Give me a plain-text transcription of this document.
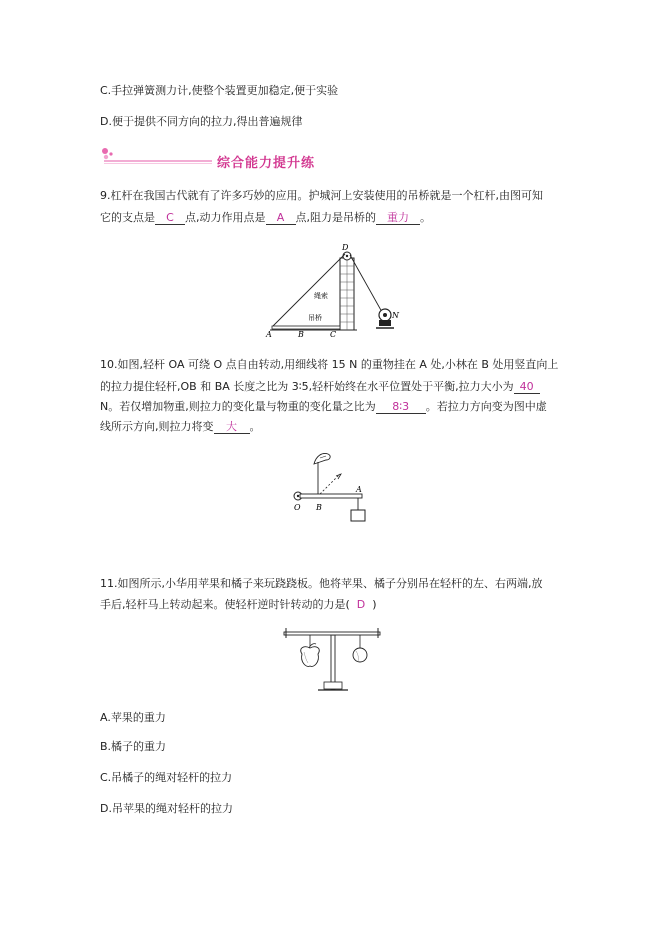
C.手拉弹簧测力计,使整个装置更加稳定,便于实验
D.便于提供不同方向的拉力,得出普遍规律
综合能力提升练
9.杠杆在我国古代就有了许多巧妙的应用。护城河上安装使用的吊桥就是一个杠杆,由图可知
它的支点是 C 点,动力作用点是 A 点,阻力是吊桥的 重力 。
D
A	B	C
N
绳索
吊桥
10.如图,轻杆 OA 可绕 O 点自由转动,用细线将 15 N 的重物挂在 A 处,小林在 B 处用竖直向上
的拉力提住轻杆,OB 和 BA 长度之比为 3∶5,轻杆始终在水平位置处于平衡,拉力大小为 40
N。若仅增加物重,则拉力的变化量与物重的变化量之比为 8∶3 。若拉力方向变为图中虚
线所示方向,则拉力将变 大 。
O B
A
11.如图所示,小华用苹果和橘子来玩跷跷板。他将苹果、橘子分别吊在轻杆的左、右两端,放
手后,轻杆马上转动起来。使轻杆逆时针转动的力是( D )
A.苹果的重力
B.橘子的重力
C.吊橘子的绳对轻杆的拉力
D.吊苹果的绳对轻杆的拉力
